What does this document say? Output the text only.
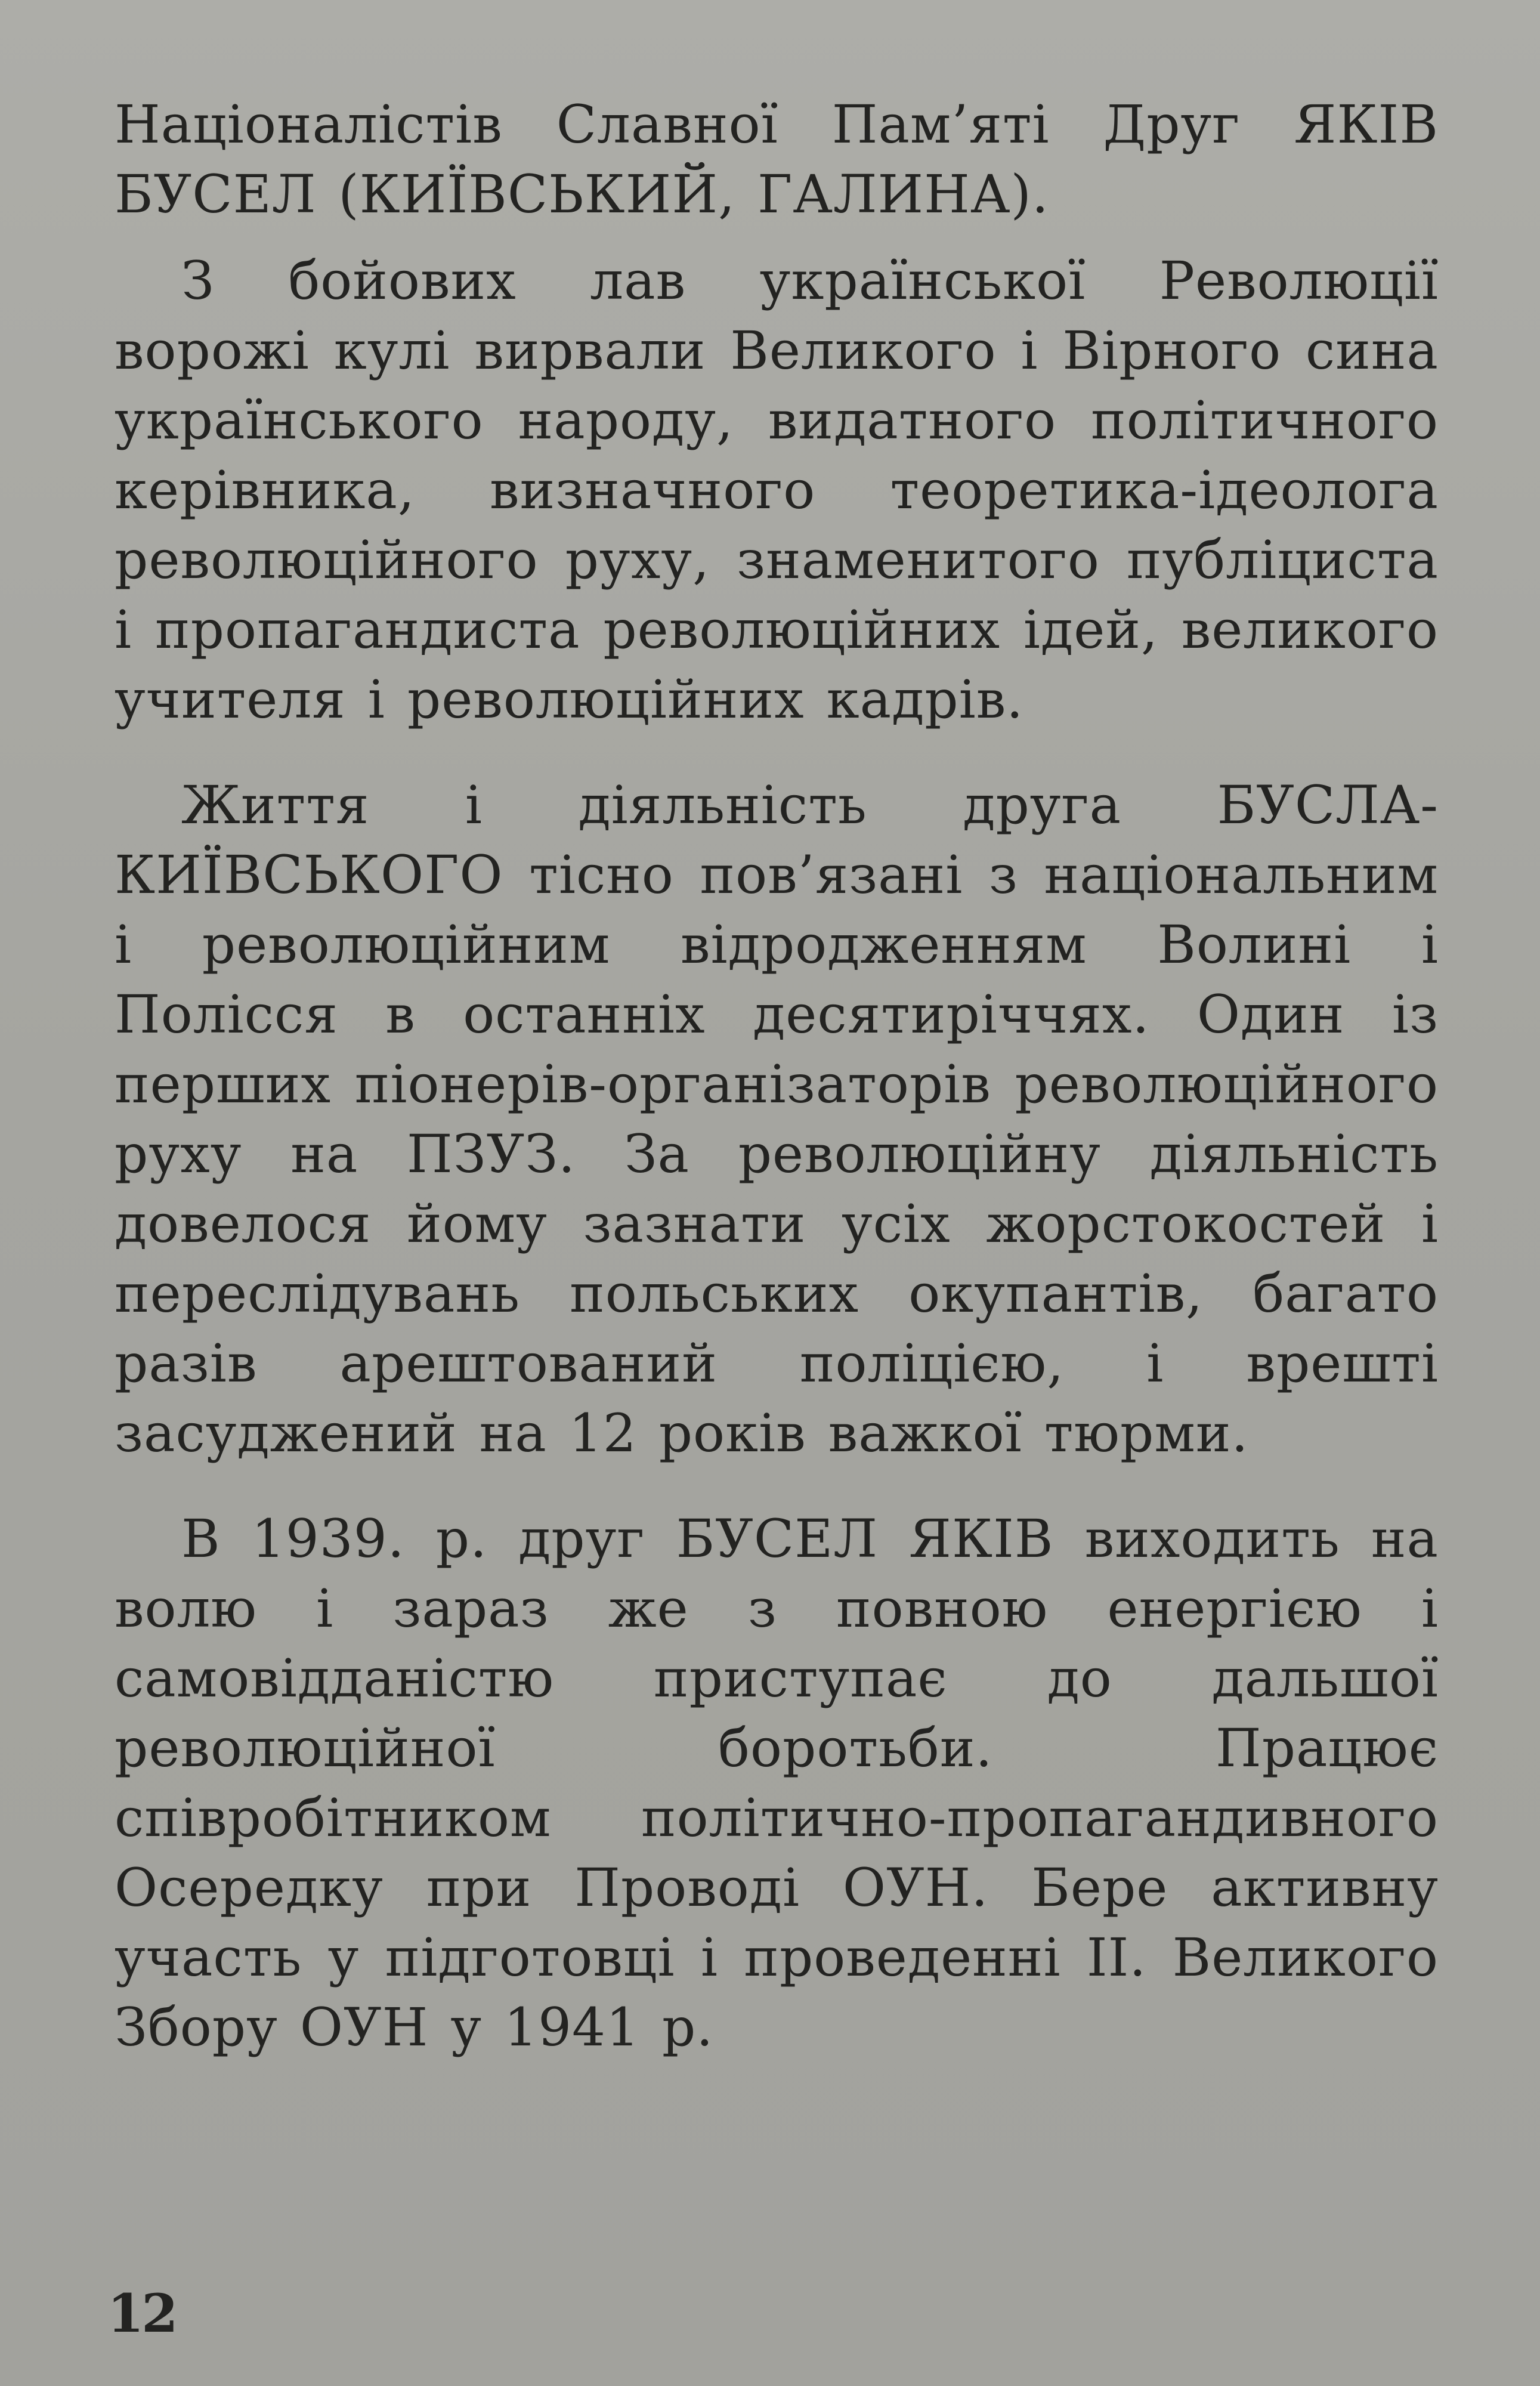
Націоналістів Славної Пам’яті Друг ЯКІВ БУСЕЛ (КИЇВСЬКИЙ, ГАЛИНА).

З бойових лав української Революції ворожі кулі вирвали Великого і Вірного сина українського народу, видатного політичного керівника, визначного теоретика-ідеолога революційного руху, знаменитого публіциста і пропагандиста революційних ідей, великого учителя і революційних кадрів.

Життя і діяльність друга БУСЛА-КИЇВСЬКОГО тісно пов’язані з національним і революційним відродженням Волині і Полісся в останніх десятиріччях. Один із перших піонерів-організаторів революційного руху на ПЗУЗ. За революційну діяльність довелося йому зазнати усіх жорстокостей і переслідувань польських окупантів, багато разів арештований поліцією, і врешті засуджений на 12 років важкої тюрми.

В 1939. р. друг БУСЕЛ ЯКІВ виходить на волю і зараз же з повною енергією і самовідданістю приступає до дальшої революційної боротьби. Працює співробітником політично-пропагандивного Осередку при Проводі ОУН. Бере активну участь у підготовці і проведенні II. Великого Збору ОУН у 1941 р.

12
